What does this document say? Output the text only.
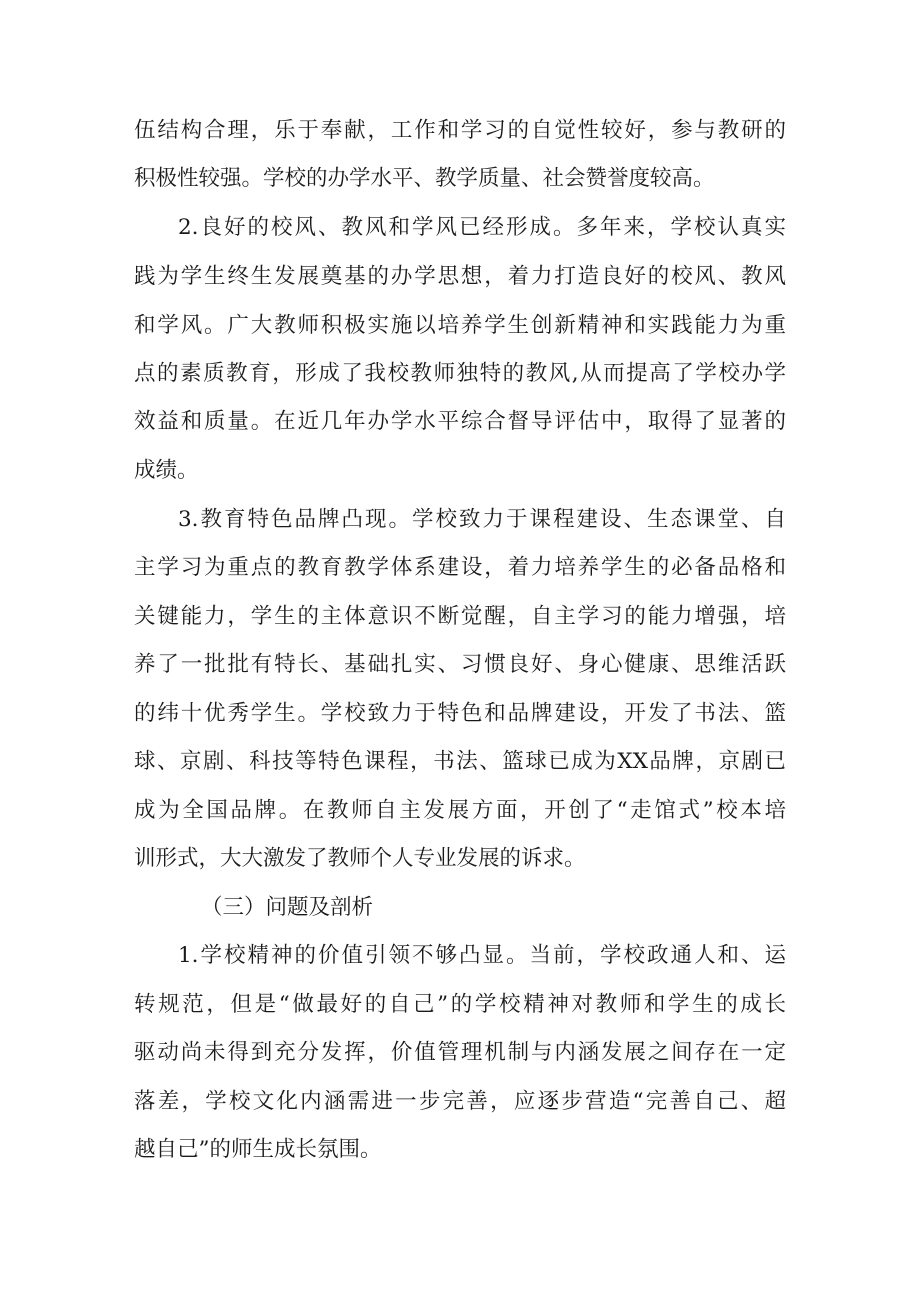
伍结构合理，乐于奉献，工作和学习的自觉性较好，参与教研的
积极性较强。学校的办学水平、教学质量、社会赞誉度较高。
2.良好的校风、教风和学风已经形成。多年来，学校认真实
践为学生终生发展奠基的办学思想，着力打造良好的校风、教风
和学风。广大教师积极实施以培养学生创新精神和实践能力为重
点的素质教育，形成了我校教师独特的教风,从而提高了学校办学
效益和质量。在近几年办学水平综合督导评估中，取得了显著的
成绩。
3.教育特色品牌凸现。学校致力于课程建设、生态课堂、自
主学习为重点的教育教学体系建设，着力培养学生的必备品格和
关键能力，学生的主体意识不断觉醒，自主学习的能力增强，培
养了一批批有特长、基础扎实、习惯良好、身心健康、思维活跃
的纬十优秀学生。学校致力于特色和品牌建设，开发了书法、篮
球、京剧、科技等特色课程，书法、篮球已成为XX品牌，京剧已
成为全国品牌。在教师自主发展方面，开创了“走馆式”校本培
训形式，大大激发了教师个人专业发展的诉求。
（三）问题及剖析
1.学校精神的价值引领不够凸显。当前，学校政通人和、运
转规范，但是“做最好的自己”的学校精神对教师和学生的成长
驱动尚未得到充分发挥，价值管理机制与内涵发展之间存在一定
落差，学校文化内涵需进一步完善，应逐步营造“完善自己、超
越自己”的师生成长氛围。
